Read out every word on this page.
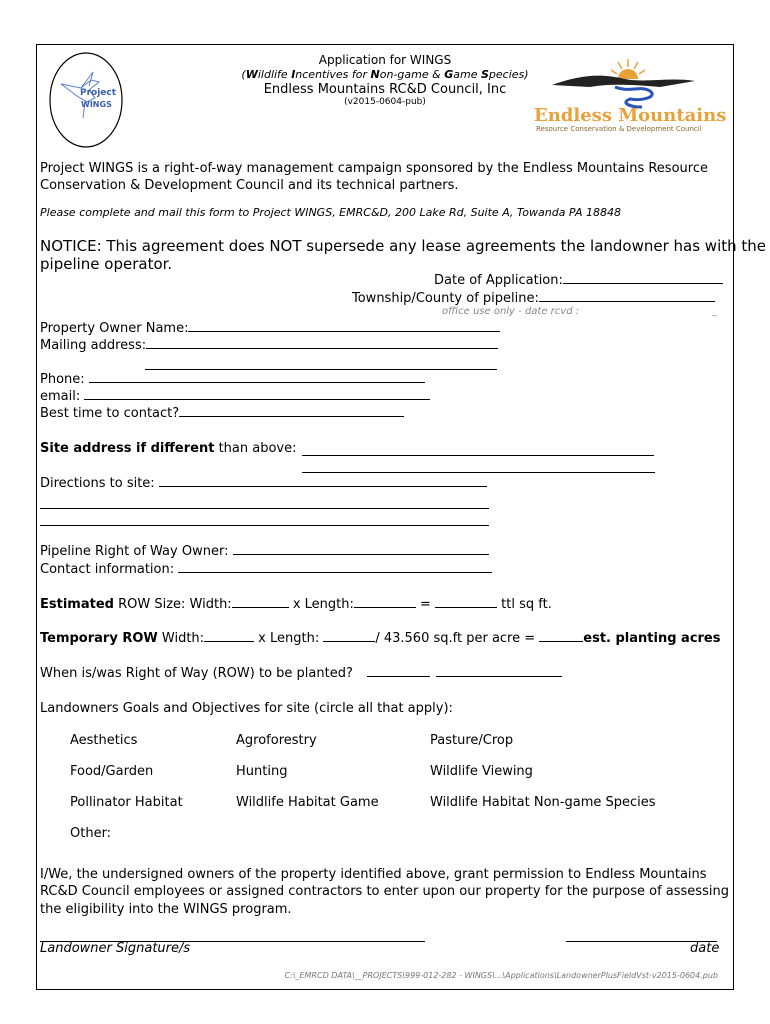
Project
WINGS
Application for WINGS
(Wildlife Incentives for Non-game & Game Species)
Endless Mountains RC&D Council, Inc
(v2015-0604-pub)
Endless Mountains
Resource Conservation & Development Council
Project WINGS is a right-of-way management campaign sponsored by the Endless Mountains Resource
Conservation & Development Council and its technical partners.
Please complete and mail this form to Project WINGS, EMRC&D, 200 Lake Rd, Suite A, Towanda PA 18848
NOTICE: This agreement does NOT supersede any lease agreements the landowner has with the
pipeline operator.
Date of Application:
Township/County of pipeline:
office use only - date rcvd :	_
Property Owner Name:
Mailing address:
Phone:
email:
Best time to contact?
Site address if different than above:
Directions to site:
Pipeline Right of Way Owner:
Contact information:
Estimated ROW Size: Width:	x Length:	=	ttl sq ft.
Temporary ROW Width:	x Length:	/ 43.560 sq.ft per acre =	est. planting acres
When is/was Right of Way (ROW) to be planted?
Landowners Goals and Objectives for site (circle all that apply):
Aesthetics	Agroforestry	Pasture/Crop
Food/Garden	Hunting	Wildlife Viewing
Pollinator Habitat	Wildlife Habitat Game	Wildlife Habitat Non-game Species
Other:
I/We, the undersigned owners of the property identified above, grant permission to Endless Mountains
RC&D Council employees or assigned contractors to enter upon our property for the purpose of assessing
the eligibility into the WINGS program.
Landowner Signature/s	date
C:\_EMRCD DATA\__PROJECTS\999-012-282 - WINGS\...\Applications\LandownerPlusFieldVst-v2015-0604.pub
